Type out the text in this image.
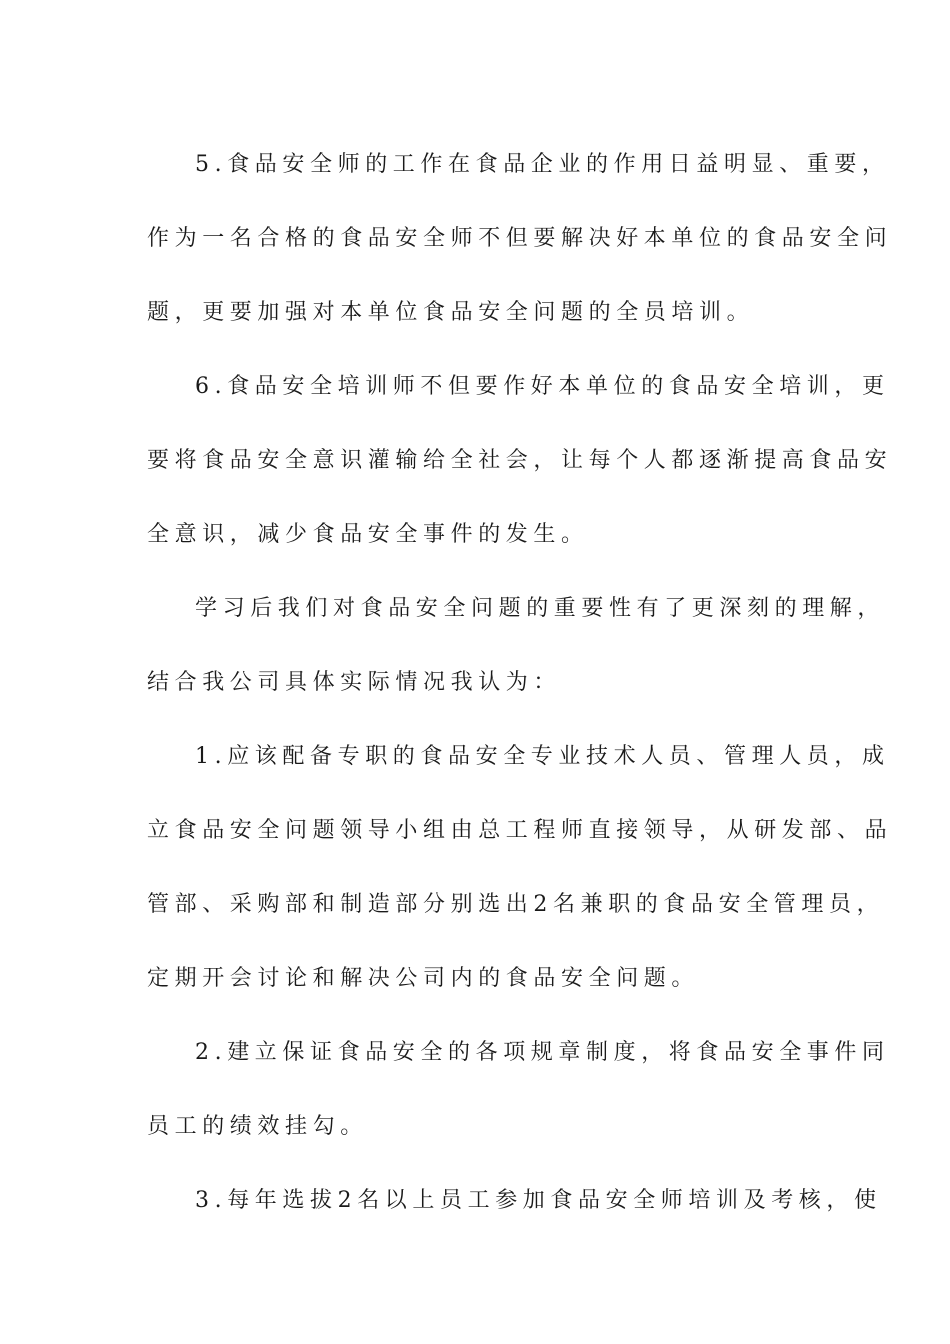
5.食品安全师的工作在食品企业的作用日益明显、重要，
作为一名合格的食品安全师不但要解决好本单位的食品安全问
题，更要加强对本单位食品安全问题的全员培训。
6.食品安全培训师不但要作好本单位的食品安全培训，更
要将食品安全意识灌输给全社会，让每个人都逐渐提高食品安
全意识，减少食品安全事件的发生。
学习后我们对食品安全问题的重要性有了更深刻的理解，
结合我公司具体实际情况我认为：
1.应该配备专职的食品安全专业技术人员、管理人员，成
立食品安全问题领导小组由总工程师直接领导，从研发部、品
管部、采购部和制造部分别选出2名兼职的食品安全管理员，
定期开会讨论和解决公司内的食品安全问题。
2.建立保证食品安全的各项规章制度，将食品安全事件同
员工的绩效挂勾。
3.每年选拔2名以上员工参加食品安全师培训及考核，使
